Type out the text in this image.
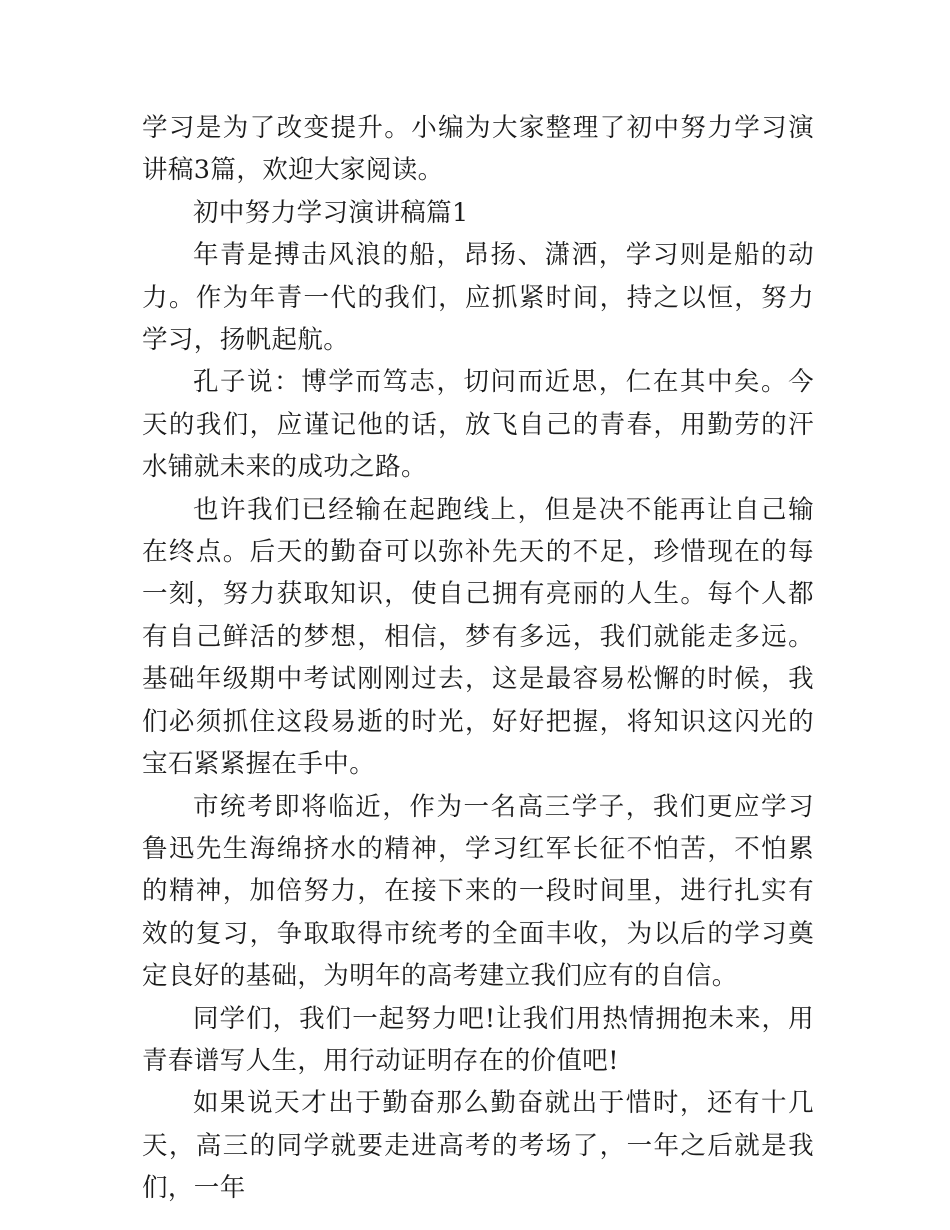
学习是为了改变提升。小编为大家整理了初中努力学习演讲稿3篇，欢迎大家阅读。

初中努力学习演讲稿篇1

年青是搏击风浪的船，昂扬、潇洒，学习则是船的动力。作为年青一代的我们，应抓紧时间，持之以恒，努力学习，扬帆起航。

孔子说：博学而笃志，切问而近思，仁在其中矣。今天的我们，应谨记他的话，放飞自己的青春，用勤劳的汗水铺就未来的成功之路。

也许我们已经输在起跑线上，但是决不能再让自己输在终点。后天的勤奋可以弥补先天的不足，珍惜现在的每一刻，努力获取知识，使自己拥有亮丽的人生。每个人都有自己鲜活的梦想，相信，梦有多远，我们就能走多远。 基础年级期中考试刚刚过去，这是最容易松懈的时候，我们必须抓住这段易逝的时光，好好把握，将知识这闪光的宝石紧紧握在手中。

市统考即将临近，作为一名高三学子，我们更应学习鲁迅先生海绵挤水的精神，学习红军长征不怕苦，不怕累的精神，加倍努力，在接下来的一段时间里，进行扎实有效的复习，争取取得市统考的全面丰收，为以后的学习奠定良好的基础，为明年的高考建立我们应有的自信。

同学们，我们一起努力吧!让我们用热情拥抱未来，用青春谱写人生，用行动证明存在的价值吧!

如果说天才出于勤奋那么勤奋就出于惜时，还有十几天，高三的同学就要走进高考的考场了，一年之后就是我们，一年
